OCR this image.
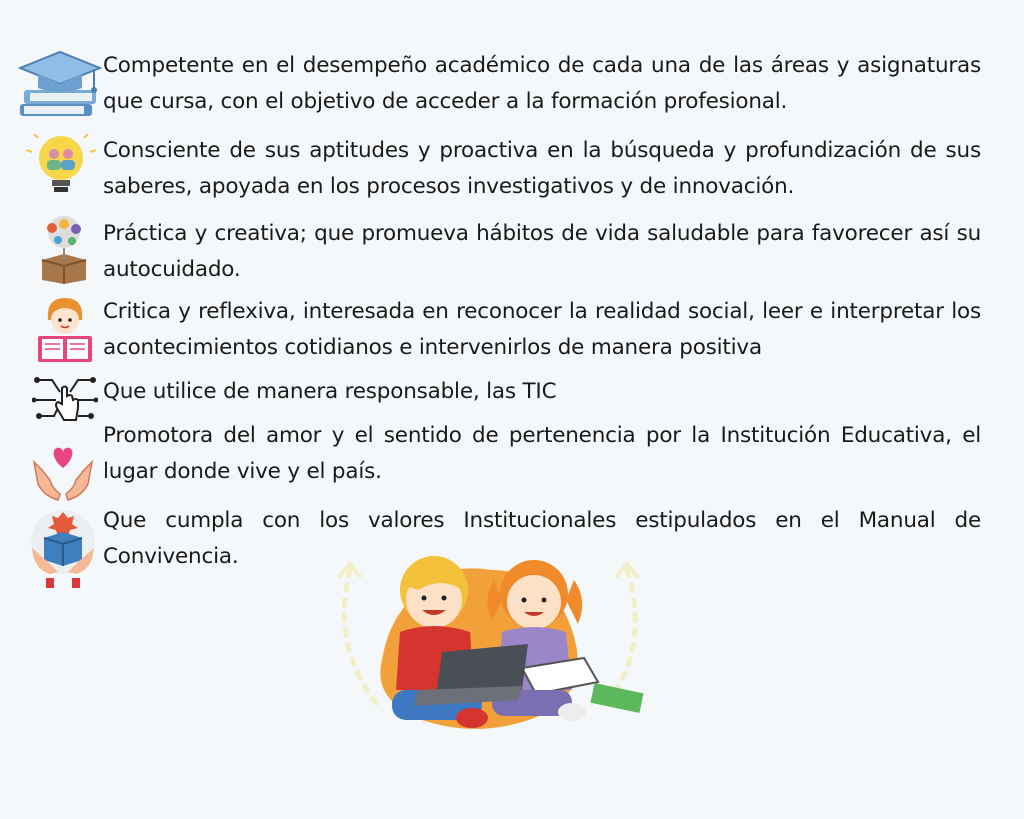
Competente en el desempeño académico de cada una de las áreas y asignaturas que cursa, con el objetivo de acceder a la formación profesional.
Consciente de sus aptitudes y proactiva en la búsqueda y profundización de sus saberes, apoyada en los procesos investigativos y de innovación.
Práctica y creativa; que promueva hábitos de vida saludable para favorecer así su autocuidado.
Critica y reflexiva, interesada en reconocer la realidad social, leer e interpretar los acontecimientos cotidianos e intervenirlos de manera positiva
Que utilice de manera responsable, las TIC
Promotora del amor y el sentido de pertenencia por la Institución Educativa, el lugar donde vive y el país.
Que cumpla con los valores Institucionales estipulados en el Manual de Convivencia.
